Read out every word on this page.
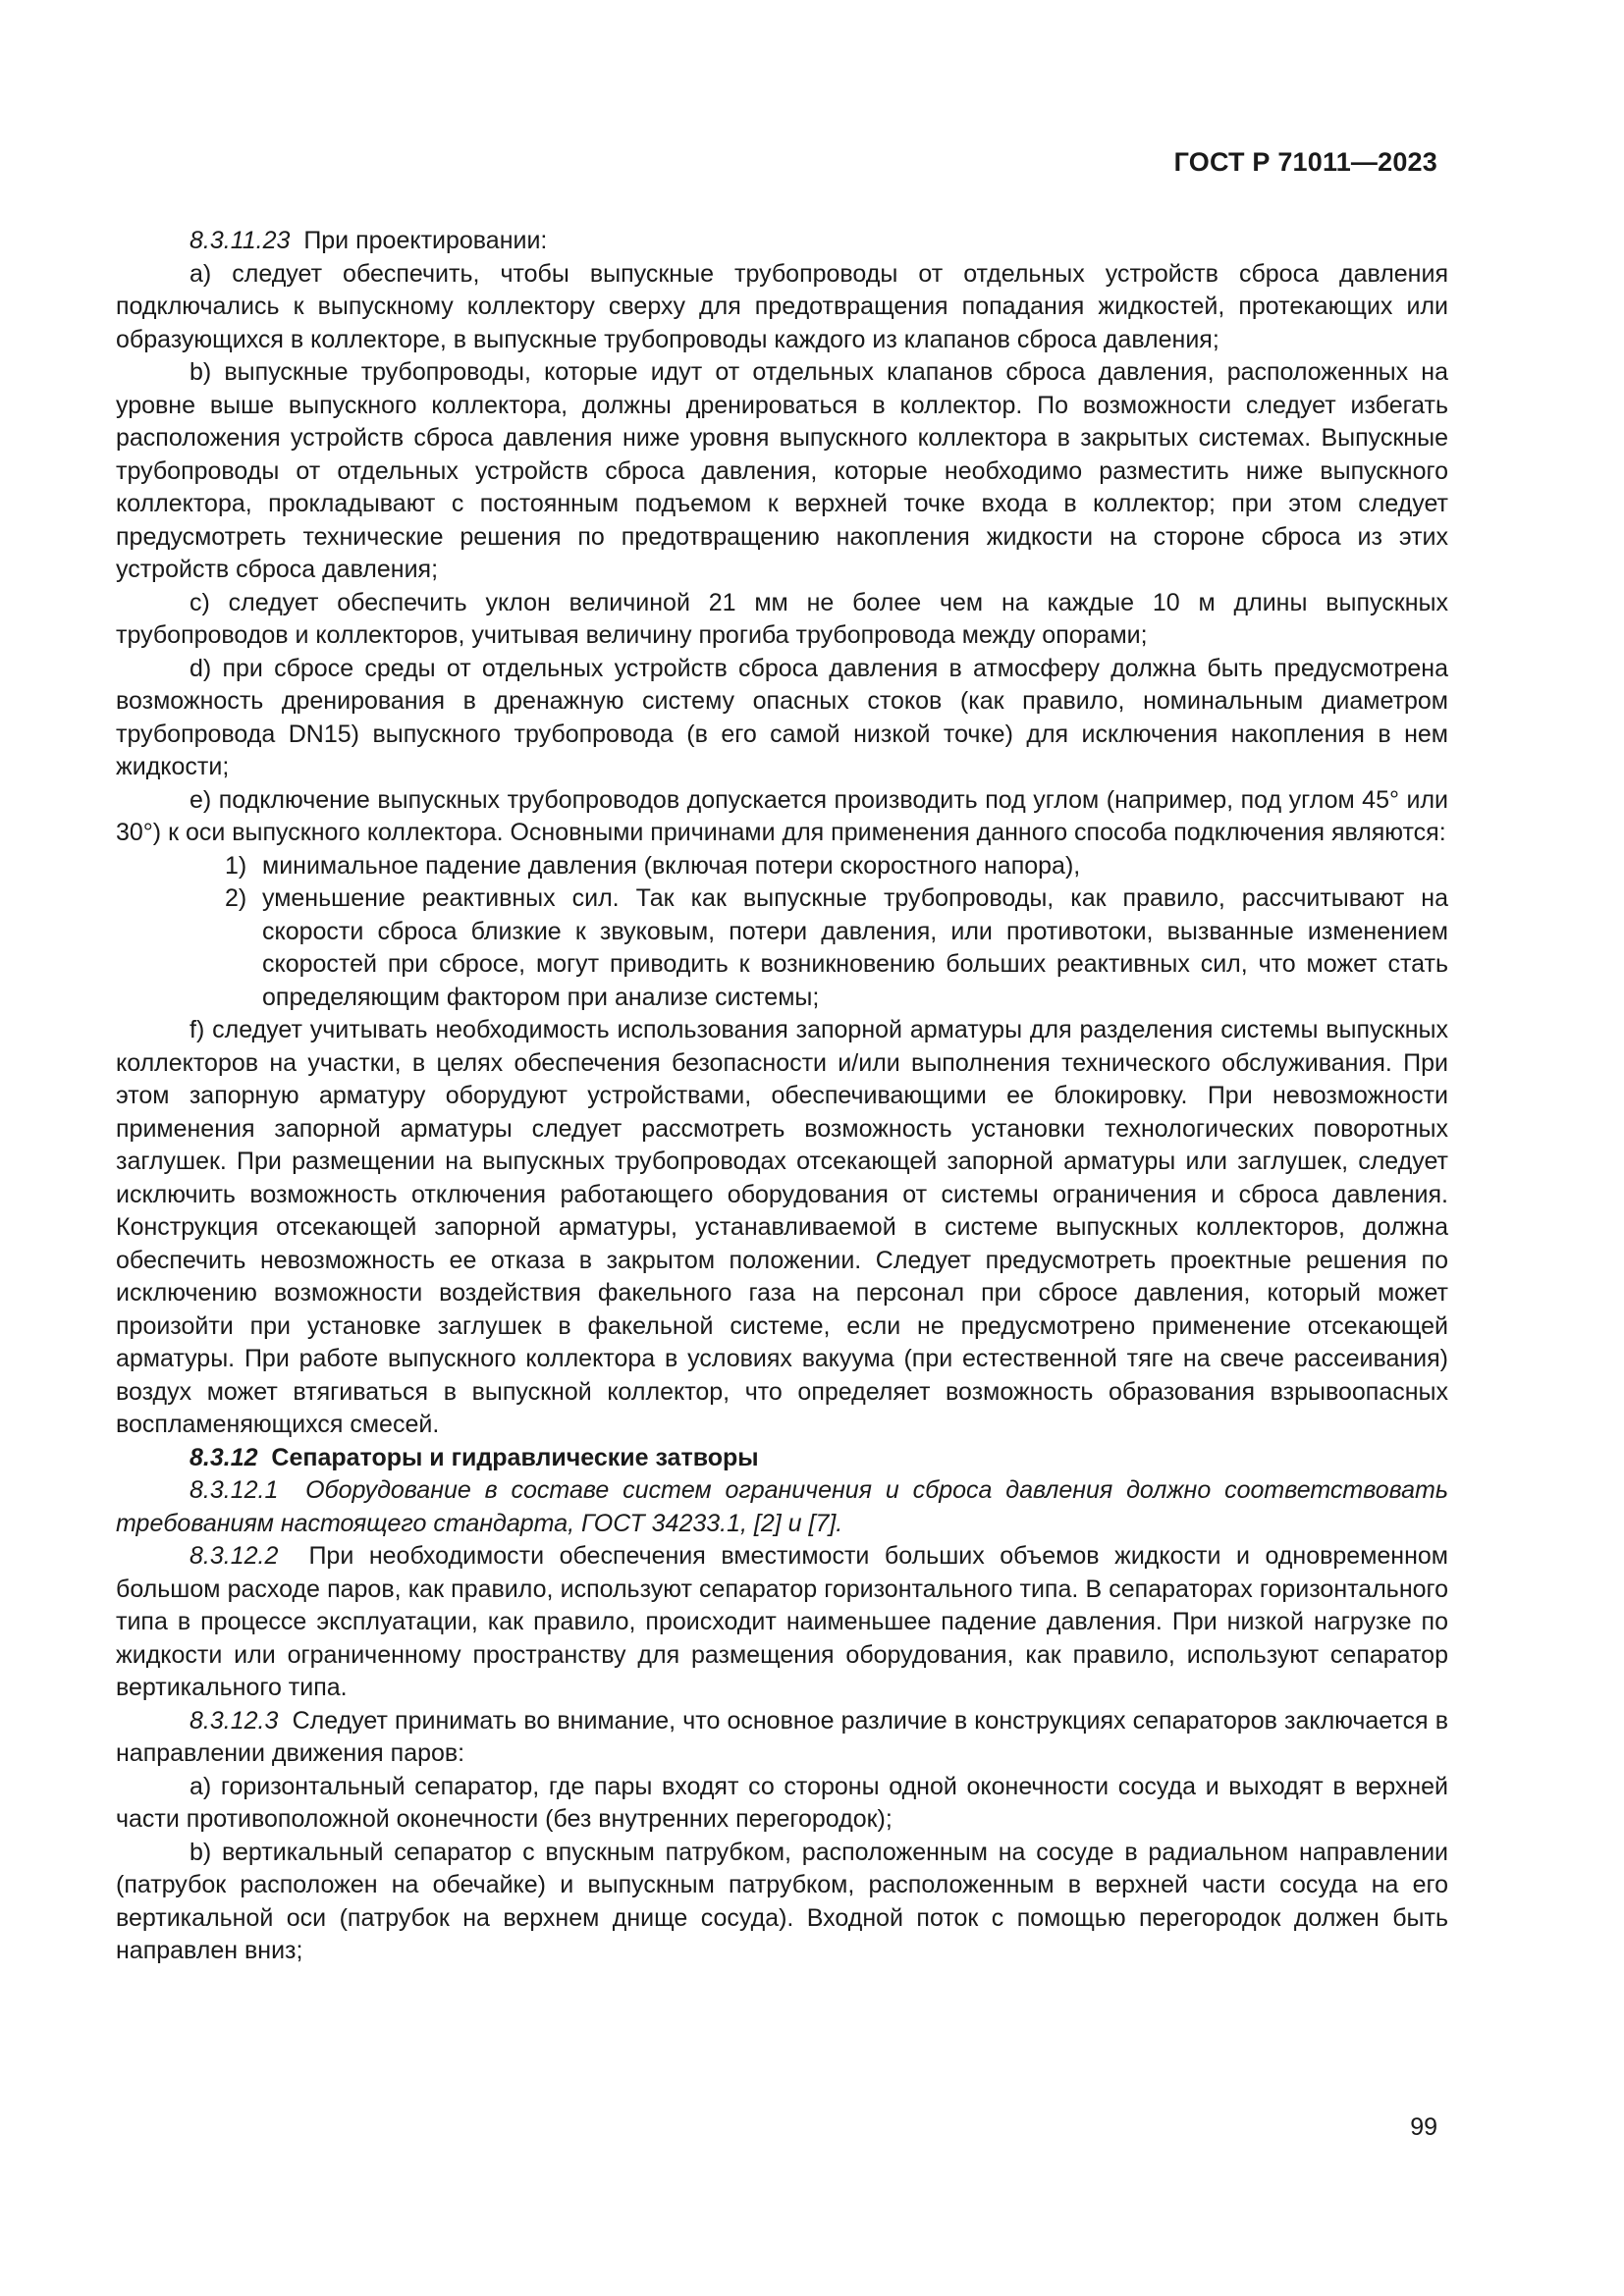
ГОСТ Р 71011—2023

8.3.11.23 При проектировании:

a) следует обеспечить, чтобы выпускные трубопроводы от отдельных устройств сброса давления подключались к выпускному коллектору сверху для предотвращения попадания жидкостей, протекающих или образующихся в коллекторе, в выпускные трубопроводы каждого из клапанов сброса давления;

b) выпускные трубопроводы, которые идут от отдельных клапанов сброса давления, расположенных на уровне выше выпускного коллектора, должны дренироваться в коллектор. По возможности следует избегать расположения устройств сброса давления ниже уровня выпускного коллектора в закрытых системах. Выпускные трубопроводы от отдельных устройств сброса давления, которые необходимо разместить ниже выпускного коллектора, прокладывают с постоянным подъемом к верхней точке входа в коллектор; при этом следует предусмотреть технические решения по предотвращению накопления жидкости на стороне сброса из этих устройств сброса давления;

c) следует обеспечить уклон величиной 21 мм не более чем на каждые 10 м длины выпускных трубопроводов и коллекторов, учитывая величину прогиба трубопровода между опорами;

d) при сбросе среды от отдельных устройств сброса давления в атмосферу должна быть предусмотрена возможность дренирования в дренажную систему опасных стоков (как правило, номинальным диаметром трубопровода DN15) выпускного трубопровода (в его самой низкой точке) для исключения накопления в нем жидкости;

e) подключение выпускных трубопроводов допускается производить под углом (например, под углом 45° или 30°) к оси выпускного коллектора. Основными причинами для применения данного способа подключения являются:

1) минимальное падение давления (включая потери скоростного напора),

2) уменьшение реактивных сил. Так как выпускные трубопроводы, как правило, рассчитывают на скорости сброса близкие к звуковым, потери давления, или противотоки, вызванные изменением скоростей при сбросе, могут приводить к возникновению больших реактивных сил, что может стать определяющим фактором при анализе системы;

f) следует учитывать необходимость использования запорной арматуры для разделения системы выпускных коллекторов на участки, в целях обеспечения безопасности и/или выполнения технического обслуживания. При этом запорную арматуру оборудуют устройствами, обеспечивающими ее блокировку. При невозможности применения запорной арматуры следует рассмотреть возможность установки технологических поворотных заглушек. При размещении на выпускных трубопроводах отсекающей запорной арматуры или заглушек, следует исключить возможность отключения работающего оборудования от системы ограничения и сброса давления. Конструкция отсекающей запорной арматуры, устанавливаемой в системе выпускных коллекторов, должна обеспечить невозможность ее отказа в закрытом положении. Следует предусмотреть проектные решения по исключению возможности воздействия факельного газа на персонал при сбросе давления, который может произойти при установке заглушек в факельной системе, если не предусмотрено применение отсекающей арматуры. При работе выпускного коллектора в условиях вакуума (при естественной тяге на свече рассеивания) воздух может втягиваться в выпускной коллектор, что определяет возможность образования взрывоопасных воспламеняющихся смесей.

8.3.12 Сепараторы и гидравлические затворы

8.3.12.1 Оборудование в составе систем ограничения и сброса давления должно соответствовать требованиям настоящего стандарта, ГОСТ 34233.1, [2] и [7].

8.3.12.2 При необходимости обеспечения вместимости больших объемов жидкости и одновременном большом расходе паров, как правило, используют сепаратор горизонтального типа. В сепараторах горизонтального типа в процессе эксплуатации, как правило, происходит наименьшее падение давления. При низкой нагрузке по жидкости или ограниченному пространству для размещения оборудования, как правило, используют сепаратор вертикального типа.

8.3.12.3 Следует принимать во внимание, что основное различие в конструкциях сепараторов заключается в направлении движения паров:

a) горизонтальный сепаратор, где пары входят со стороны одной оконечности сосуда и выходят в верхней части противоположной оконечности (без внутренних перегородок);

b) вертикальный сепаратор с впускным патрубком, расположенным на сосуде в радиальном направлении (патрубок расположен на обечайке) и выпускным патрубком, расположенным в верхней части сосуда на его вертикальной оси (патрубок на верхнем днище сосуда). Входной поток с помощью перегородок должен быть направлен вниз;

99
